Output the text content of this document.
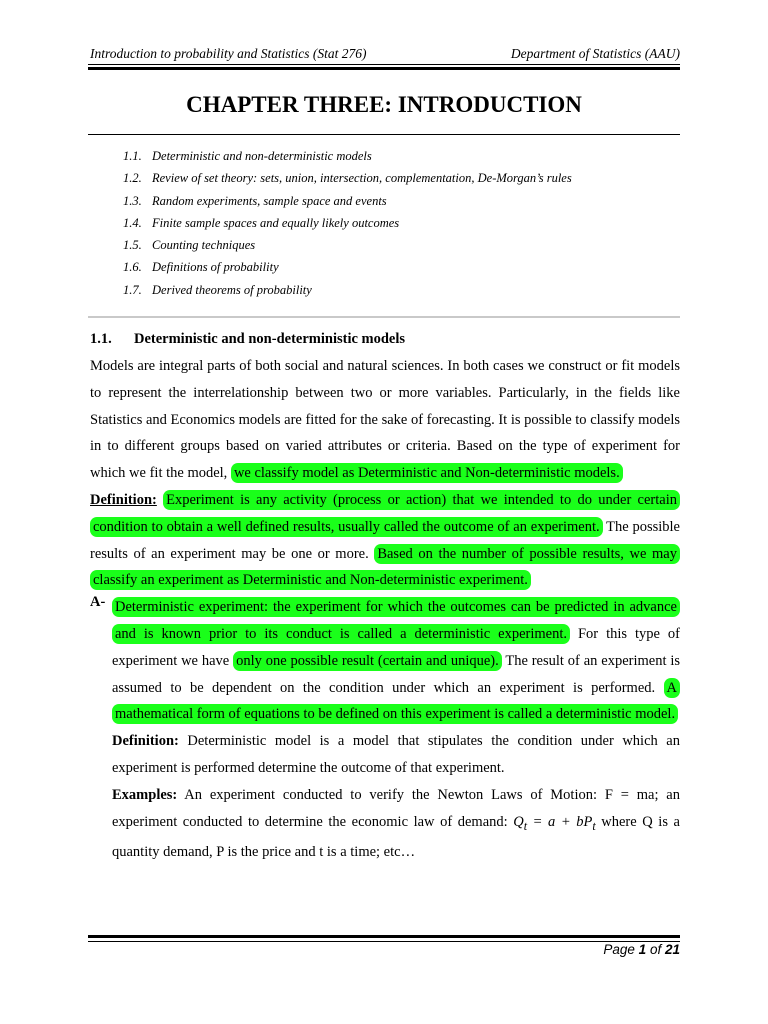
Introduction to probability and Statistics (Stat 276)	Department of Statistics (AAU)
CHAPTER THREE: INTRODUCTION
1.1. Deterministic and non-deterministic models
1.2. Review of set theory: sets, union, intersection, complementation, De-Morgan’s rules
1.3. Random experiments, sample space and events
1.4. Finite sample spaces and equally likely outcomes
1.5. Counting techniques
1.6. Definitions of probability
1.7. Derived theorems of probability
1.1.	Deterministic and non-deterministic models
Models are integral parts of both social and natural sciences. In both cases we construct or fit models to represent the interrelationship between two or more variables. Particularly, in the fields like Statistics and Economics models are fitted for the sake of forecasting. It is possible to classify models in to different groups based on varied attributes or criteria. Based on the type of experiment for which we fit the model, we classify model as Deterministic and Non-deterministic models.
Definition: Experiment is any activity (process or action) that we intended to do under certain condition to obtain a well defined results, usually called the outcome of an experiment. The possible results of an experiment may be one or more. Based on the number of possible results, we may classify an experiment as Deterministic and Non-deterministic experiment.
A- Deterministic experiment: the experiment for which the outcomes can be predicted in advance and is known prior to its conduct is called a deterministic experiment. For this type of experiment we have only one possible result (certain and unique). The result of an experiment is assumed to be dependent on the condition under which an experiment is performed. A mathematical form of equations to be defined on this experiment is called a deterministic model.
Definition: Deterministic model is a model that stipulates the condition under which an experiment is performed determine the outcome of that experiment.
Examples: An experiment conducted to verify the Newton Laws of Motion: F = ma; an experiment conducted to determine the economic law of demand: $Q_t = a + bP_t$ where Q is a quantity demand, P is the price and t is a time; etc…
Page 1 of 21
